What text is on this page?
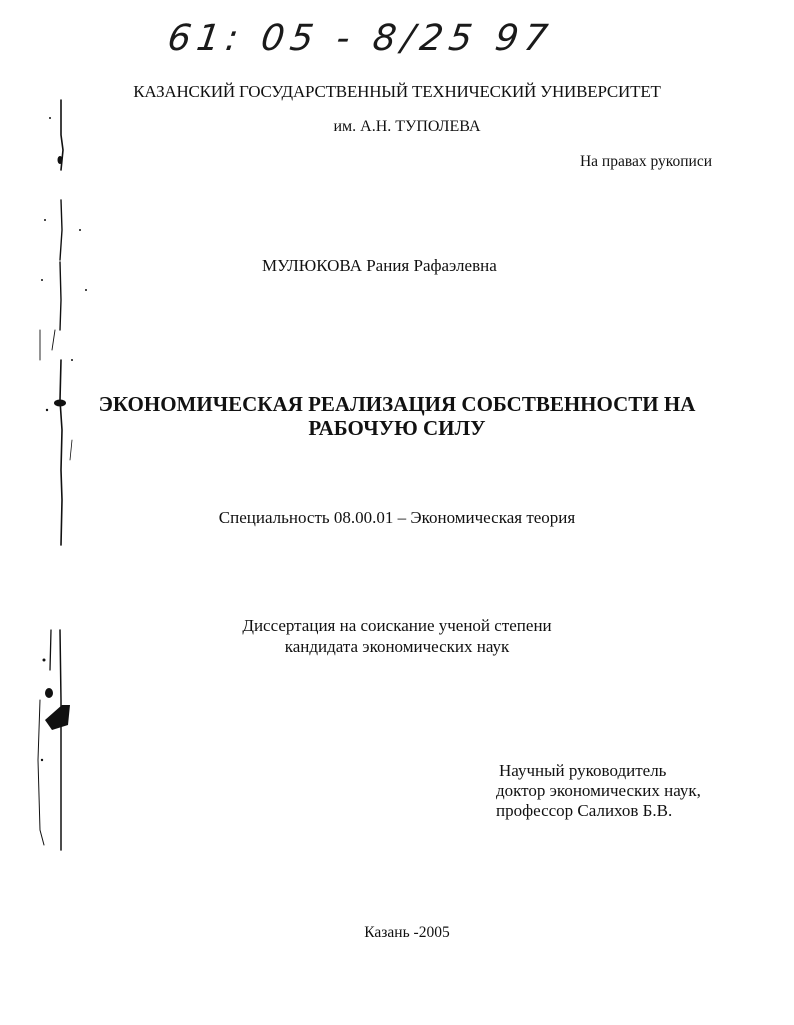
61: 05 - 8/25 97
КАЗАНСКИЙ ГОСУДАРСТВЕННЫЙ ТЕХНИЧЕСКИЙ УНИВЕРСИТЕТ
им. А.Н. ТУПОЛЕВА
На правах рукописи
МУЛЮКОВА Рания Рафаэлевна
ЭКОНОМИЧЕСКАЯ РЕАЛИЗАЦИЯ СОБСТВЕННОСТИ НА
РАБОЧУЮ СИЛУ
Специальность 08.00.01 – Экономическая теория
Диссертация на соискание ученой степени
кандидата экономических наук
Научный руководитель
доктор экономических наук,
профессор Салихов Б.В.
Казань -2005
